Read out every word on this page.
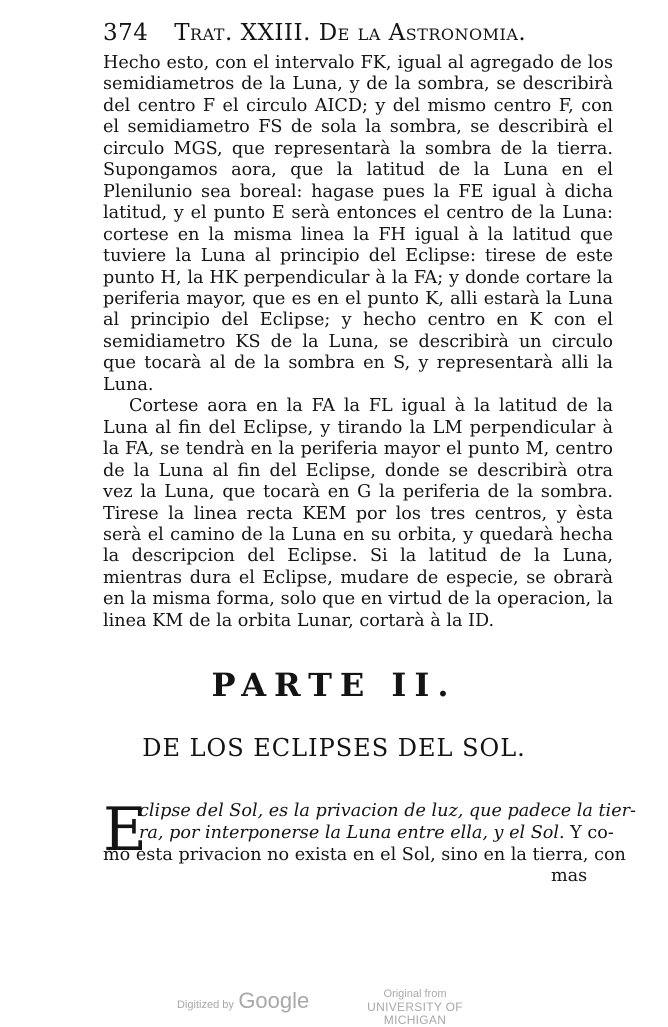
374 Trat. XXIII. De la Astronomia.

Hecho esto, con el intervalo FK, igual al agregado de los semidiametros de la Luna, y de la sombra, se describirà del centro F el circulo AICD; y del mismo centro F, con el semidiametro FS de sola la sombra, se describirà el circulo MGS, que representarà la sombra de la tierra. Supongamos aora, que la latitud de la Luna en el Plenilunio sea boreal: hagase pues la FE igual à dicha latitud, y el punto E serà entonces el centro de la Luna: cortese en la misma linea la FH igual à la latitud que tuviere la Luna al principio del Eclipse: tirese de este punto H, la HK perpendicular à la FA; y donde cortare la periferia mayor, que es en el punto K, alli estarà la Luna al principio del Eclipse; y hecho centro en K con el semidiametro KS de la Luna, se describirà un circulo que tocarà al de la sombra en S, y representarà alli la Luna.

Cortese aora en la FA la FL igual à la latitud de la Luna al fin del Eclipse, y tirando la LM perpendicular à la FA, se tendrà en la periferia mayor el punto M, centro de la Luna al fin del Eclipse, donde se describirà otra vez la Luna, que tocarà en G la periferia de la sombra. Tirese la linea recta KEM por los tres centros, y èsta serà el camino de la Luna en su orbita, y quedarà hecha la descripcion del Eclipse. Si la latitud de la Luna, mientras dura el Eclipse, mudare de especie, se obrarà en la misma forma, solo que en virtud de la operacion, la linea KM de la orbita Lunar, cortarà à la ID.

PARTE II.
DE LOS ECLIPSES DEL SOL.
E
clipse del Sol, es la privacion de luz, que padece la tier-
ra, por interponerse la Luna entre ella, y el Sol. Y co-
mo esta privacion no exista en el Sol, sino en la tierra, con
mas
Digitized by Google	Original from
UNIVERSITY OF MICHIGAN
